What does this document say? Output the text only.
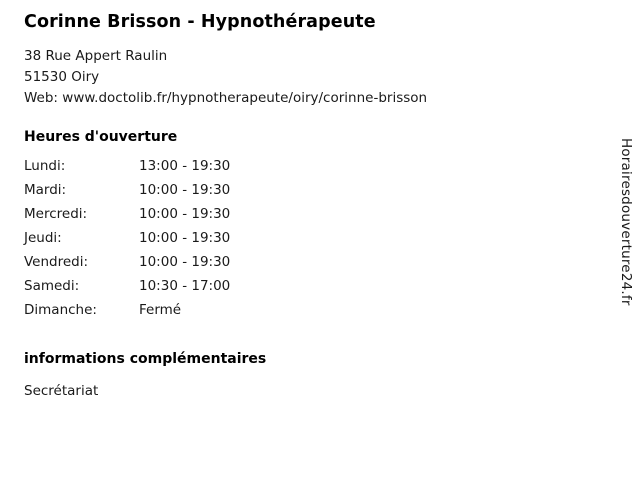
Corinne Brisson - Hypnothérapeute
38 Rue Appert Raulin
51530 Oiry
Web: www.doctolib.fr/hypnotherapeute/oiry/corinne-brisson
Heures d'ouverture
Lundi:	13:00 - 19:30
Mardi:	10:00 - 19:30
Mercredi:	10:00 - 19:30
Jeudi:	10:00 - 19:30
Vendredi:	10:00 - 19:30
Samedi:	10:30 - 17:00
Dimanche:	Fermé
informations complémentaires
Secrétariat
Horairesdouverture24.fr
